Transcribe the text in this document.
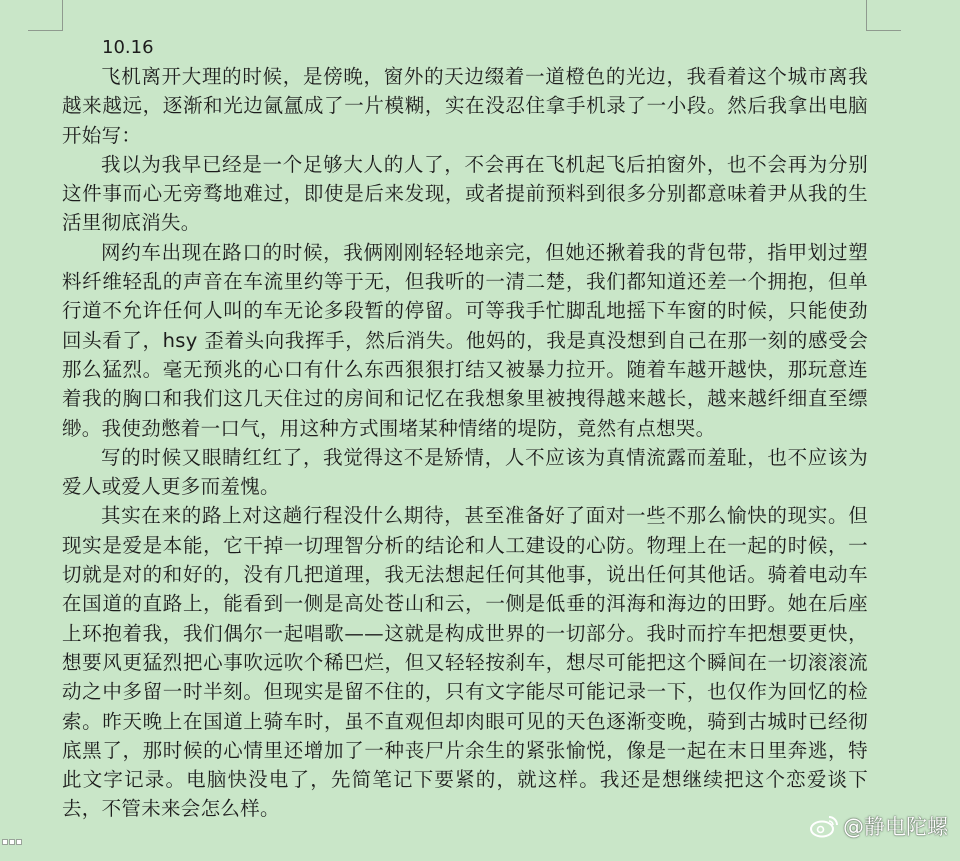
10.16

飞机离开大理的时候，是傍晚，窗外的天边缀着一道橙色的光边，我看着这个城市离我越来越远，逐渐和光边氤氲成了一片模糊，实在没忍住拿手机录了一小段。然后我拿出电脑开始写：

我以为我早已经是一个足够大人的人了，不会再在飞机起飞后拍窗外，也不会再为分别这件事而心无旁骛地难过，即使是后来发现，或者提前预料到很多分别都意味着尹从我的生活里彻底消失。

网约车出现在路口的时候，我俩刚刚轻轻地亲完，但她还揪着我的背包带，指甲划过塑料纤维轻乱的声音在车流里约等于无，但我听的一清二楚，我们都知道还差一个拥抱，但单行道不允许任何人叫的车无论多段暂的停留。可等我手忙脚乱地摇下车窗的时候，只能使劲回头看了，hsy 歪着头向我挥手，然后消失。他妈的，我是真没想到自己在那一刻的感受会那么猛烈。毫无预兆的心口有什么东西狠狠打结又被暴力拉开。随着车越开越快，那玩意连着我的胸口和我们这几天住过的房间和记忆在我想象里被拽得越来越长，越来越纤细直至缥缈。我使劲憋着一口气，用这种方式围堵某种情绪的堤防，竟然有点想哭。

写的时候又眼睛红红了，我觉得这不是矫情，人不应该为真情流露而羞耻，也不应该为爱人或爱人更多而羞愧。

其实在来的路上对这趟行程没什么期待，甚至准备好了面对一些不那么愉快的现实。但现实是爱是本能，它干掉一切理智分析的结论和人工建设的心防。物理上在一起的时候，一切就是对的和好的，没有几把道理，我无法想起任何其他事，说出任何其他话。骑着电动车在国道的直路上，能看到一侧是高处苍山和云，一侧是低垂的洱海和海边的田野。她在后座上环抱着我，我们偶尔一起唱歌——这就是构成世界的一切部分。我时而拧车把想要更快，想要风更猛烈把心事吹远吹个稀巴烂，但又轻轻按刹车，想尽可能把这个瞬间在一切滚滚流动之中多留一时半刻。但现实是留不住的，只有文字能尽可能记录一下，也仅作为回忆的检索。昨天晚上在国道上骑车时，虽不直观但却肉眼可见的天色逐渐变晚，骑到古城时已经彻底黑了，那时候的心情里还增加了一种丧尸片余生的紧张愉悦，像是一起在末日里奔逃，特此文字记录。电脑快没电了，先简笔记下要紧的，就这样。我还是想继续把这个恋爱谈下去，不管未来会怎么样。

@静电陀螺
